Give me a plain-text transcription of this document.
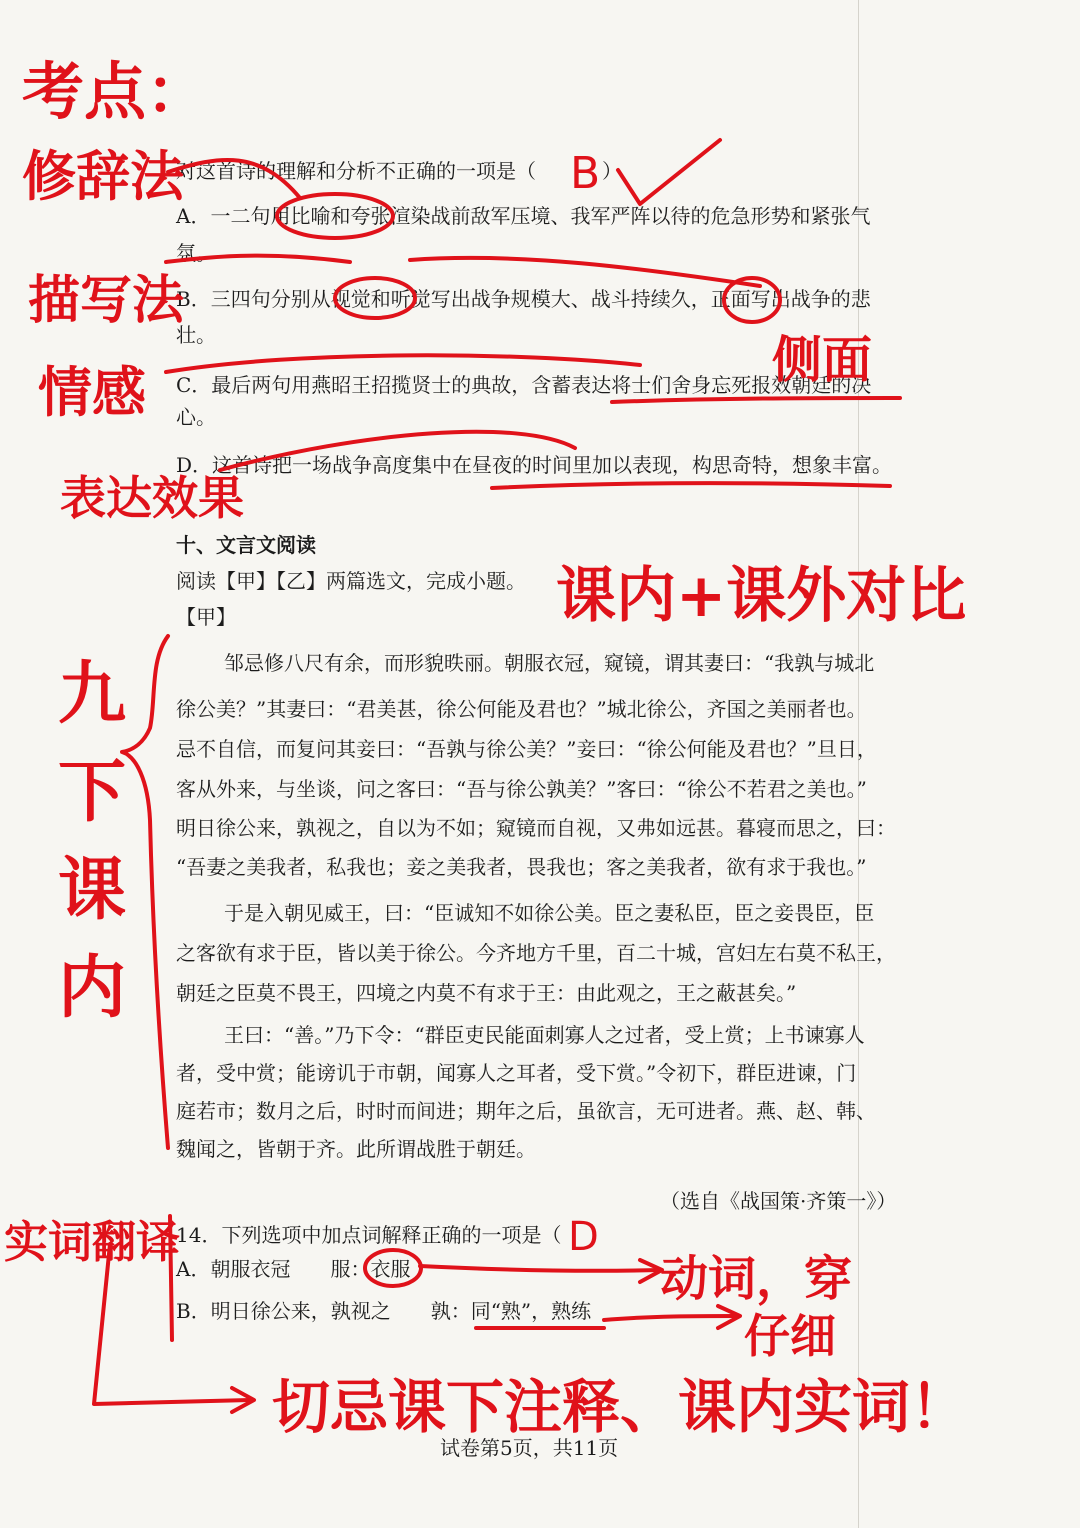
对这首诗的理解和分析不正确的一项是（ B ）
A．一二句用比喻和夸张渲染战前敌军压境、我军严阵以待的危急形势和紧张气
氛。
B．三四句分别从视觉和听觉写出战争规模大、战斗持续久，正面写出战争的悲
壮。
C．最后两句用燕昭王招揽贤士的典故，含蓄表达将士们舍身忘死报效朝廷的决
心。
D．这首诗把一场战争高度集中在昼夜的时间里加以表现，构思奇特，想象丰富。
十、文言文阅读
阅读【甲】【乙】两篇选文，完成小题。
【甲】
邹忌修八尺有余，而形貌昳丽。朝服衣冠，窥镜，谓其妻曰：“我孰与城北
徐公美？”其妻曰：“君美甚，徐公何能及君也？”城北徐公，齐国之美丽者也。
忌不自信，而复问其妾曰：“吾孰与徐公美？”妾曰：“徐公何能及君也？”旦日，
客从外来，与坐谈，问之客曰：“吾与徐公孰美？”客曰：“徐公不若君之美也。”
明日徐公来，孰视之，自以为不如；窥镜而自视，又弗如远甚。暮寝而思之，曰：
“吾妻之美我者，私我也；妾之美我者，畏我也；客之美我者，欲有求于我也。”
于是入朝见威王，曰：“臣诚知不如徐公美。臣之妻私臣，臣之妾畏臣，臣
之客欲有求于臣，皆以美于徐公。今齐地方千里，百二十城，宫妇左右莫不私王，
朝廷之臣莫不畏王，四境之内莫不有求于王：由此观之，王之蔽甚矣。”
王曰：“善。”乃下令：“群臣吏民能面刺寡人之过者，受上赏；上书谏寡人
者，受中赏；能谤讥于市朝，闻寡人之耳者，受下赏。”令初下，群臣进谏，门
庭若市；数月之后，时时而间进；期年之后，虽欲言，无可进者。燕、赵、韩、
魏闻之，皆朝于齐。此所谓战胜于朝廷。
（选自《战国策·齐策一》）
14．下列选项中加点词解释正确的一项是（ D
A．朝服衣冠　　服：衣服
B．明日徐公来，孰视之　　孰：同“熟”，熟练
试卷第5页，共11页
考点：
修辞法
描写法
情感
表达效果
侧面
课内+课外对比
九下课内
实词翻译
动词，穿
仔细
切忌课下注释、课内实词！
